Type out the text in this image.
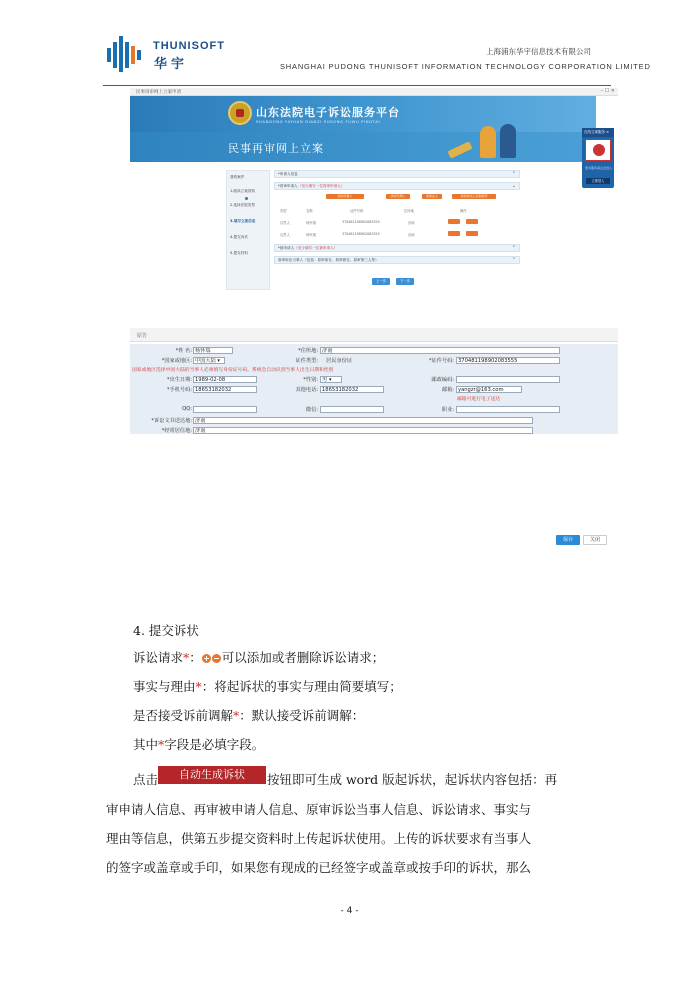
THUNISOFT
华宇
上海浦东华宇信息技术有限公司
SHANGHAI PUDONG THUNISOFT INFORMATION TECHNOLOGY CORPORATION LIMITED
民事再审网上立案申请	– ☐ ✕
山东法院电子诉讼服务平台
SHANDONG FAYUAN DIANZI SUSONG FUWU PINGTAI
民事再审网上立案
在线立案服务 ×
更多服务请点击进入
立即进入
我的案件
1.阅读立案须知
2.选择法院类型
3.填写立案信息
4.提交诉状
5.提交材料
*申请人信息	⌃
*再审申请人（至少填写一位再审申请人）	⌄
添加当事人	添加代理人	添加法人	添加非法人其他组织
类型	名称	证件号码	住所地	操作
自然人	杨怀瑞	370481198902083555	济南
自然人	杨怀瑞	370481198902083555	济南
*被申请人（至少填写一位被申请人）	⌃
原审诉讼当事人（包括：原审原告、原审被告、原审第三人等）	⌃
上一步	下一步
原告
*姓 名: 杨怀瑞	*住所地: 济南
*国家或地区: 中国大陆 ▾	证件类型: 居民身份证	*证件号码: 370481198902083555
国家或地区选择中国大陆的当事人必须填写身份证号码。系统会自动识别当事人出生日期和性别
*出生日期: 1989-02-08	*性别: 男 ▾	邮政编码:
*手机号码: 18653182032	其他电话: 18653182032	邮箱: yangzr@163.com
邮箱可进行电子送达
QQ:	微信:	职业:
*诉讼文书送达地: 济南
*经常居住地: 济南
保存	关闭
4. 提交诉状
诉讼请求*： 可以添加或者删除诉讼请求；
事实与理由*：将起诉状的事实与理由简要填写；
是否接受诉前调解*：默认接受诉前调解：
其中*字段是必填字段。
点击	自动生成诉状	按钮即可生成 word 版起诉状，起诉状内容包括：再
审申请人信息、再审被申请人信息、原审诉讼当事人信息、诉讼请求、事实与
理由等信息，供第五步提交资料时上传起诉状使用。上传的诉状要求有当事人
的签字或盖章或手印，如果您有现成的已经签字或盖章或按手印的诉状，那么
- 4 -
